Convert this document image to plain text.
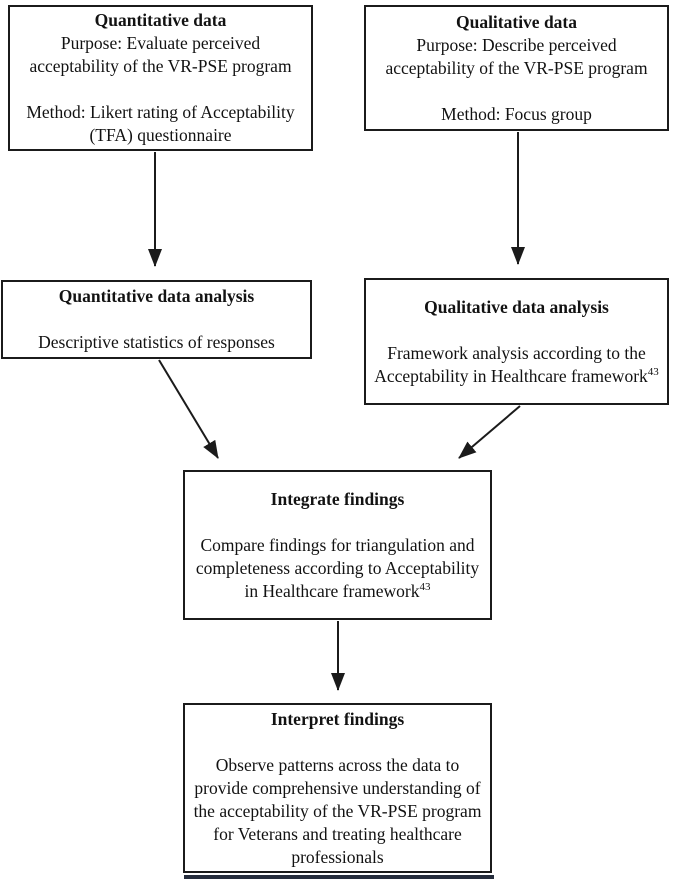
Quantitative data

Purpose: Evaluate perceived acceptability of the VR-PSE program

Method: Likert rating of Acceptability (TFA) questionnaire

Qualitative data

Purpose: Describe perceived acceptability of the VR-PSE program

Method: Focus group

Quantitative data analysis

Descriptive statistics of responses

Qualitative data analysis

Framework analysis according to the Acceptability in Healthcare framework$^{43}$

Integrate findings

Compare findings for triangulation and completeness according to Acceptability in Healthcare framework$^{43}$

Interpret findings

Observe patterns across the data to provide comprehensive understanding of the acceptability of the VR-PSE program for Veterans and treating healthcare professionals
